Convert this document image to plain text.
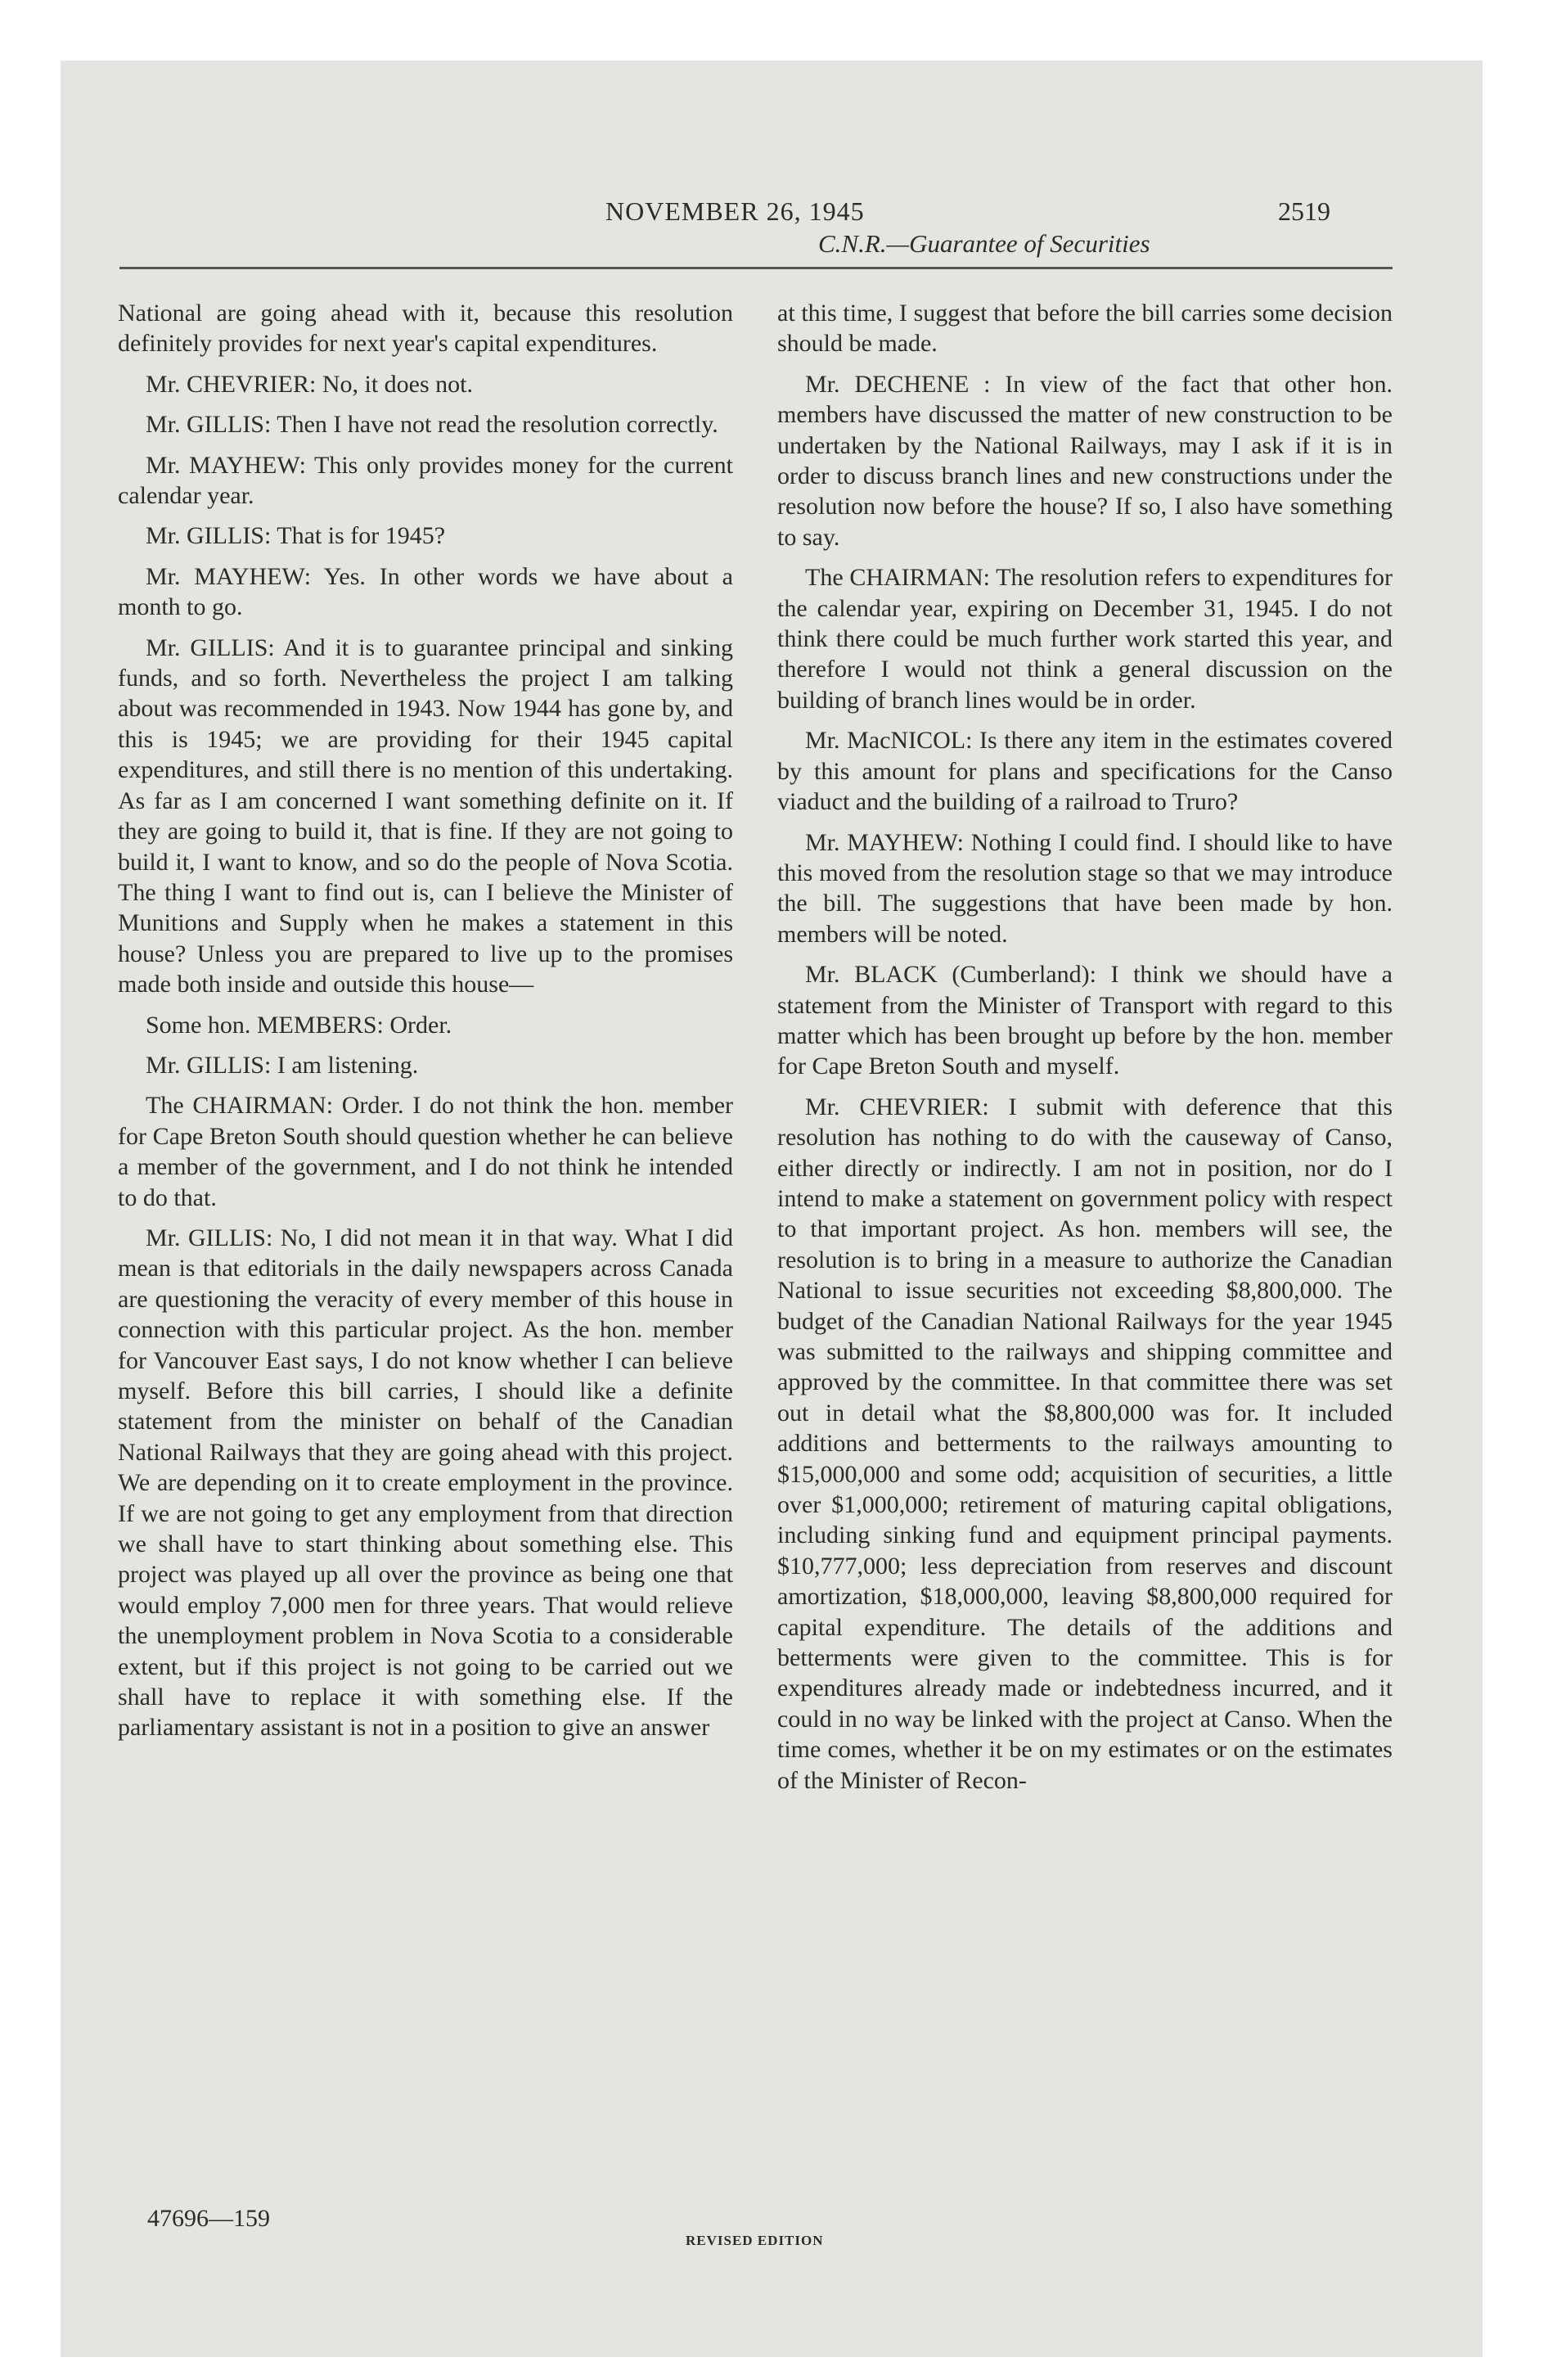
NOVEMBER 26, 1945	2519
C.N.R.—Guarantee of Securities

National are going ahead with it, because this resolution definitely provides for next year's capital expenditures.

Mr. CHEVRIER: No, it does not.

Mr. GILLIS: Then I have not read the resolution correctly.

Mr. MAYHEW: This only provides money for the current calendar year.

Mr. GILLIS: That is for 1945?

Mr. MAYHEW: Yes. In other words we have about a month to go.

Mr. GILLIS: And it is to guarantee principal and sinking funds, and so forth. Nevertheless the project I am talking about was recommended in 1943. Now 1944 has gone by, and this is 1945; we are providing for their 1945 capital expenditures, and still there is no mention of this undertaking. As far as I am concerned I want something definite on it. If they are going to build it, that is fine. If they are not going to build it, I want to know, and so do the people of Nova Scotia. The thing I want to find out is, can I believe the Minister of Munitions and Supply when he makes a statement in this house? Unless you are prepared to live up to the promises made both inside and outside this house—

Some hon. MEMBERS: Order.

Mr. GILLIS: I am listening.

The CHAIRMAN: Order. I do not think the hon. member for Cape Breton South should question whether he can believe a member of the government, and I do not think he intended to do that.

Mr. GILLIS: No, I did not mean it in that way. What I did mean is that editorials in the daily newspapers across Canada are questioning the veracity of every member of this house in connection with this particular project. As the hon. member for Vancouver East says, I do not know whether I can believe myself. Before this bill carries, I should like a definite statement from the minister on behalf of the Canadian National Railways that they are going ahead with this project. We are depending on it to create employment in the province. If we are not going to get any employment from that direction we shall have to start thinking about something else. This project was played up all over the province as being one that would employ 7,000 men for three years. That would relieve the unemployment problem in Nova Scotia to a considerable extent, but if this project is not going to be carried out we shall have to replace it with something else. If the parliamentary assistant is not in a position to give an answer

at this time, I suggest that before the bill carries some decision should be made.

Mr. DECHENE : In view of the fact that other hon. members have discussed the matter of new construction to be undertaken by the National Railways, may I ask if it is in order to discuss branch lines and new constructions under the resolution now before the house? If so, I also have something to say.

The CHAIRMAN: The resolution refers to expenditures for the calendar year, expiring on December 31, 1945. I do not think there could be much further work started this year, and therefore I would not think a general discussion on the building of branch lines would be in order.

Mr. MacNICOL: Is there any item in the estimates covered by this amount for plans and specifications for the Canso viaduct and the building of a railroad to Truro?

Mr. MAYHEW: Nothing I could find. I should like to have this moved from the resolution stage so that we may introduce the bill. The suggestions that have been made by hon. members will be noted.

Mr. BLACK (Cumberland): I think we should have a statement from the Minister of Transport with regard to this matter which has been brought up before by the hon. member for Cape Breton South and myself.

Mr. CHEVRIER: I submit with deference that this resolution has nothing to do with the causeway of Canso, either directly or indirectly. I am not in position, nor do I intend to make a statement on government policy with respect to that important project. As hon. members will see, the resolution is to bring in a measure to authorize the Canadian National to issue securities not exceeding $8,800,000. The budget of the Canadian National Railways for the year 1945 was submitted to the railways and shipping committee and approved by the committee. In that committee there was set out in detail what the $8,800,000 was for. It included additions and betterments to the railways amounting to $15,000,000 and some odd; acquisition of securities, a little over $1,000,000; retirement of maturing capital obligations, including sinking fund and equipment principal payments. $10,777,000; less depreciation from reserves and discount amortization, $18,000,000, leaving $8,800,000 required for capital expenditure. The details of the additions and betterments were given to the committee. This is for expenditures already made or indebtedness incurred, and it could in no way be linked with the project at Canso. When the time comes, whether it be on my estimates or on the estimates of the Minister of Recon-

47696—159
REVISED EDITION
